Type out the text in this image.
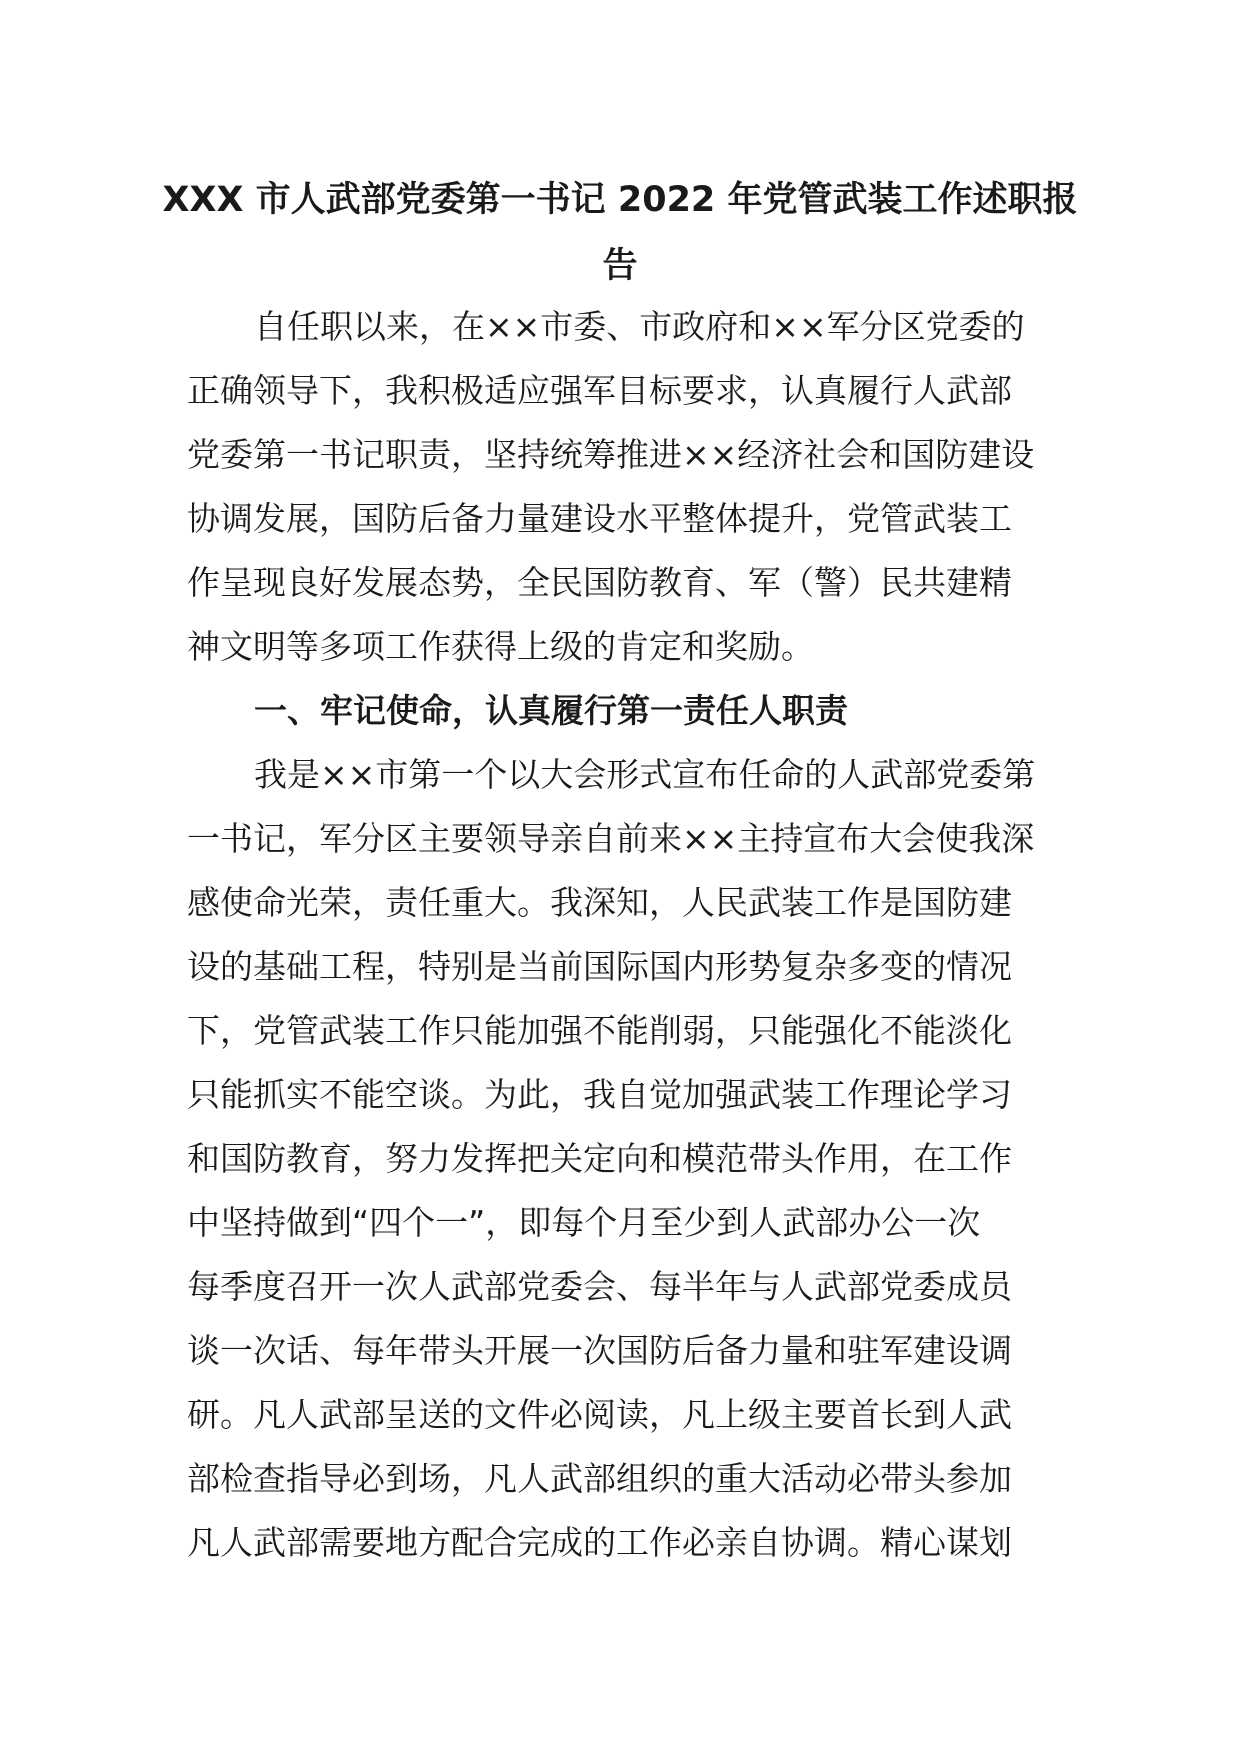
XXX 市人武部党委第一书记 2022 年党管武装工作述职报
告
自任职以来，在××市委、市政府和××军分区党委的
正确领导下，我积极适应强军目标要求，认真履行人武部
党委第一书记职责，坚持统筹推进××经济社会和国防建设
协调发展，国防后备力量建设水平整体提升，党管武装工
作呈现良好发展态势，全民国防教育、军（警）民共建精
神文明等多项工作获得上级的肯定和奖励。
一、牢记使命，认真履行第一责任人职责
我是××市第一个以大会形式宣布任命的人武部党委第
一书记，军分区主要领导亲自前来××主持宣布大会使我深
感使命光荣，责任重大。我深知，人民武装工作是国防建
设的基础工程，特别是当前国际国内形势复杂多变的情况
下，党管武装工作只能加强不能削弱，只能强化不能淡化
只能抓实不能空谈。为此，我自觉加强武装工作理论学习
和国防教育，努力发挥把关定向和模范带头作用，在工作
中坚持做到“四个一”，即每个月至少到人武部办公一次
每季度召开一次人武部党委会、每半年与人武部党委成员
谈一次话、每年带头开展一次国防后备力量和驻军建设调
研。凡人武部呈送的文件必阅读，凡上级主要首长到人武
部检查指导必到场，凡人武部组织的重大活动必带头参加
凡人武部需要地方配合完成的工作必亲自协调。精心谋划
